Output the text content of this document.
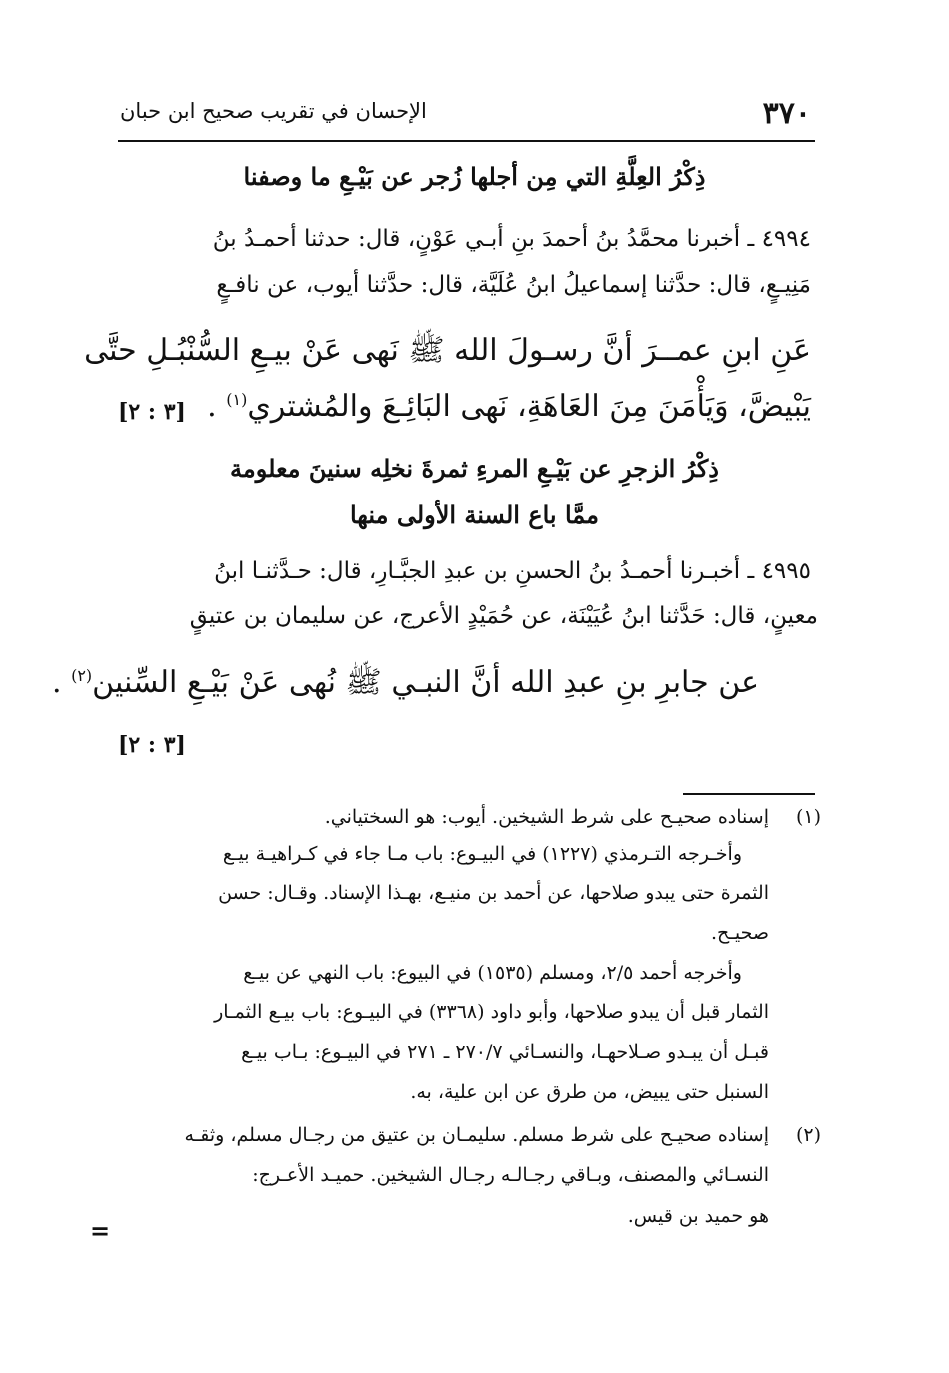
٣٧٠
الإحسان في تقريب صحيح ابن حبان
ذِكْرُ العِلَّةِ التي مِن أجلها زُجر عن بَيْـعِ ما وصفنا
٤٩٩٤ ـ أخبرنا محمَّدُ بنُ أحمدَ بنِ أبـي عَوْنٍ، قال: حدثنا أحمـدُ بنُ
مَنِيـعٍ، قال: حدَّثنا إسماعيلُ ابنُ عُلَيَّة، قال: حدَّثنا أيوب، عن نافـعٍ
عَنِ ابنِ عمــرَ أنَّ رسـولَ الله ﷺ نَهى عَنْ بيـعِ السُّنْبُـلِ حتَّى
يَبْيضَّ، وَيَأْمَنَ مِنَ العَاهَةِ، نَهى البَائِـعَ والمُشتري$^{(١)}$ .
[٣ : ٢]
ذِكْرُ الزجرِ عن بَيْـعِ المرءِ ثمرةَ نخلِه سنينَ معلومة
ممَّا باع السنة الأولى منها
٤٩٩٥ ـ أخبـرنا أحمـدُ بنُ الحسنِ بن عبدِ الجبَّـارِ، قال: حـدَّثنـا ابنُ
معينٍ، قال: حَدَّثنا ابنُ عُيَيْنَة، عن حُمَيْدٍ الأعرج، عن سليمان بن عتيقٍ
عن جابرِ بنِ عبدِ الله أنَّ النبـي ﷺ نُهى عَنْ بَيْـعِ السِّنين$^{(٢)}$ .
[٣ : ٢]
(١)
إسناده صحيـح على شرط الشيخين. أيوب: هو السختياني.
وأخـرجه التـرمذي (١٢٢٧) في البيـوع: باب مـا جاء في كـراهيـة بيـع
الثمرة حتى يبدو صلاحها، عن أحمد بن منيـع، بهـذا الإسناد. وقـال: حسن
صحيـح.
وأخرجه أحمد ٢/٥، ومسلم (١٥٣٥) في البيوع: باب النهي عن بيـع
الثمار قبل أن يبدو صلاحها، وأبو داود (٣٣٦٨) في البيـوع: باب بيـع الثمـار
قبـل أن يبـدو صـلاحهـا، والنسـائي ٢٧٠/٧ ـ ٢٧١ في البيـوع: بـاب بيـع
السنبل حتى يبيض، من طرق عن ابن علية، به.
(٢)
إسناده صحيـح على شرط مسلم. سليمـان بن عتيق من رجـال مسلم، وثقـه
النسـائي والمصنف، وبـاقي رجـالـه رجـال الشيخين. حميـد الأعـرج:
هو حميد بن قيس.
=
